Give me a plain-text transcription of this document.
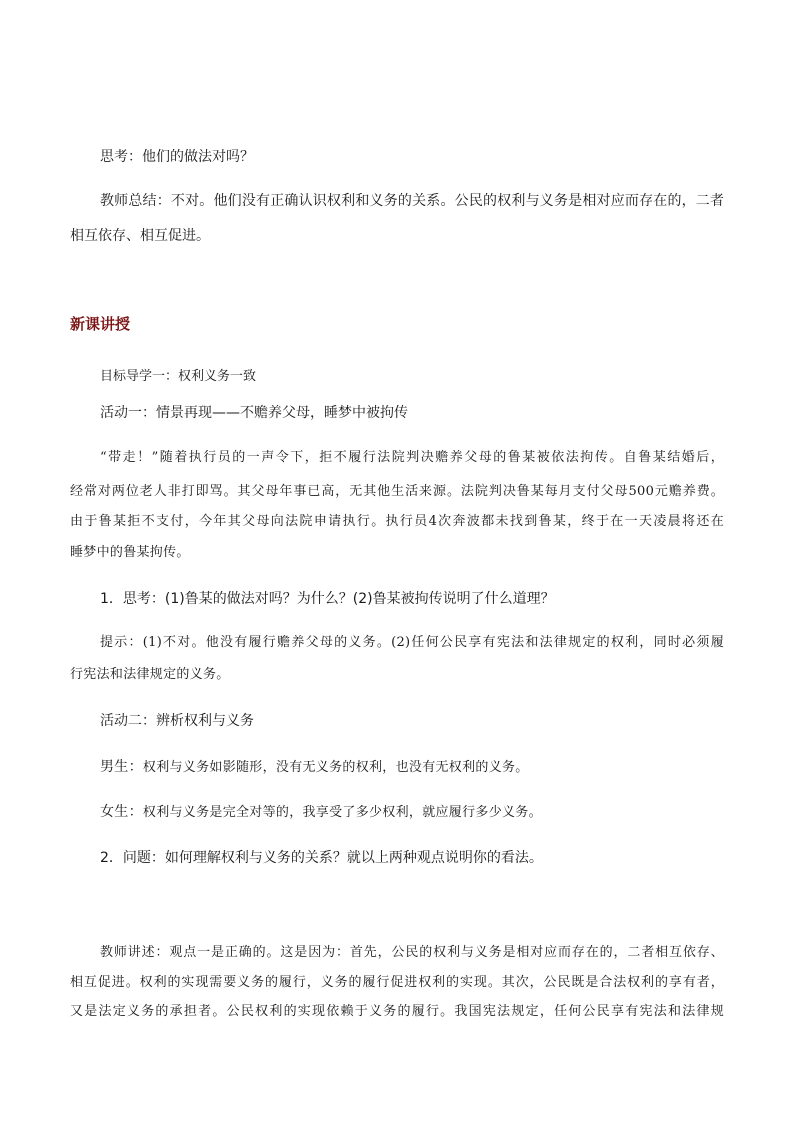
思考：他们的做法对吗？
教师总结：不对。他们没有正确认识权利和义务的关系。公民的权利与义务是相对应而存在的，二者
相互依存、相互促进。
新课讲授
目标导学一：权利义务一致
活动一：情景再现——不赡养父母，睡梦中被拘传
“带走！”随着执行员的一声令下，拒不履行法院判决赡养父母的鲁某被依法拘传。自鲁某结婚后，
经常对两位老人非打即骂。其父母年事已高，无其他生活来源。法院判决鲁某每月支付父母500元赡养费。
由于鲁某拒不支付，今年其父母向法院申请执行。执行员4次奔波都未找到鲁某，终于在一天凌晨将还在
睡梦中的鲁某拘传。
1．思考：(1)鲁某的做法对吗？为什么？(2)鲁某被拘传说明了什么道理？
提示：(1)不对。他没有履行赡养父母的义务。(2)任何公民享有宪法和法律规定的权利，同时必须履
行宪法和法律规定的义务。
活动二：辨析权利与义务
男生：权利与义务如影随形，没有无义务的权利，也没有无权利的义务。
女生：权利与义务是完全对等的，我享受了多少权利，就应履行多少义务。
2．问题：如何理解权利与义务的关系？就以上两种观点说明你的看法。
教师讲述：观点一是正确的。这是因为：首先，公民的权利与义务是相对应而存在的，二者相互依存、
相互促进。权利的实现需要义务的履行，义务的履行促进权利的实现。其次，公民既是合法权利的享有者，
又是法定义务的承担者。公民权利的实现依赖于义务的履行。我国宪法规定，任何公民享有宪法和法律规
